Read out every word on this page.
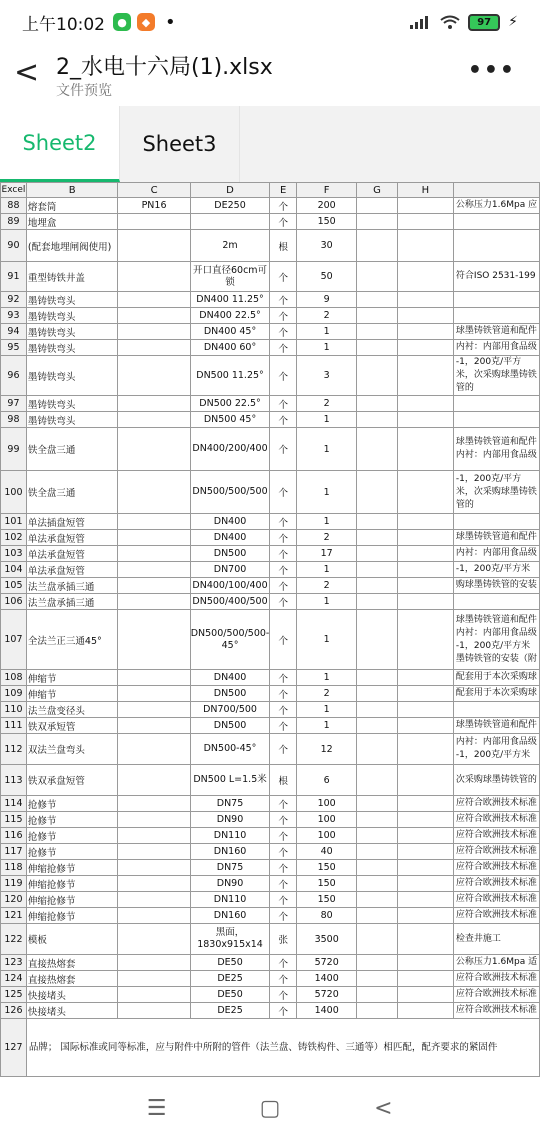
上午10:02	●	◆ •	97	⚡
< 2_水电十六局(1).xlsx
文件预览
•••
Sheet2	Sheet3
Excel	B	C	D	E	F	G	H	
88	熔套筒	PN16	DE250	个	200			公称压力1.6Mpa 应
89	地埋盒			个	150			
90	(配套地埋闸阀使用)		2m	根	30			
91	重型铸铁井盖		开口直径60cm可锁	个	50			符合ISO 2531-199
92	墨铸铁弯头		DN400 11.25°	个	9			
93	墨铸铁弯头		DN400 22.5°	个	2			
94	墨铸铁弯头		DN400 45°	个	1			球墨铸铁管道和配件
95	墨铸铁弯头		DN400 60°	个	1			内衬：内部用食品级
96	墨铸铁弯头		DN500 11.25°	个	3			-1，200克/平方米，次采购球墨铸铁管的
97	墨铸铁弯头		DN500 22.5°	个	2			
98	墨铸铁弯头		DN500 45°	个	1			
99	铁全盘三通		DN400/200/400	个	1			球墨铸铁管道和配件 内衬：内部用食品级
100	铁全盘三通		DN500/500/500	个	1			-1，200克/平方米，次采购球墨铸铁管的
101	单法插盘短管		DN400	个	1			
102	单法承盘短管		DN400	个	2			球墨铸铁管道和配件
103	单法承盘短管		DN500	个	17			内衬：内部用食品级
104	单法承盘短管		DN700	个	1			-1，200克/平方米
105	法兰盘承插三通		DN400/100/400	个	2			购球墨铸铁管的安装
106	法兰盘承插三通		DN500/400/500	个	1			
107	全法兰正三通45°		DN500/500/500-45°	个	1			球墨铸铁管道和配件 内衬：内部用食品级 -1，200克/平方米 墨铸铁管的安装（附
108	伸缩节		DN400	个	1			配套用于本次采购球
109	伸缩节		DN500	个	2			配套用于本次采购球
110	法兰盘变径头		DN700/500	个	1			
111	铁双承短管		DN500	个	1			球墨铸铁管道和配件
112	双法兰盘弯头		DN500-45°	个	12			内衬：内部用食品级 -1，200克/平方米
113	铁双承盘短管		DN500 L=1.5米	根	6			次采购球墨铸铁管的
114	抢修节		DN75	个	100			应符合欧洲技术标准
115	抢修节		DN90	个	100			应符合欧洲技术标准
116	抢修节		DN110	个	100			应符合欧洲技术标准
117	抢修节		DN160	个	40			应符合欧洲技术标准
118	伸缩抢修节		DN75	个	150			应符合欧洲技术标准
119	伸缩抢修节		DN90	个	150			应符合欧洲技术标准
120	伸缩抢修节		DN110	个	150			应符合欧洲技术标准
121	伸缩抢修节		DN160	个	80			应符合欧洲技术标准
122	模板		黑面，1830x915x14	张	3500			检查井施工
123	直接热熔套		DE50	个	5720			公称压力1.6Mpa 适
124	直接热熔套		DE25	个	1400			应符合欧洲技术标准
125	快接堵头		DE50	个	5720			应符合欧洲技术标准
126	快接堵头		DE25	个	1400			应符合欧洲技术标准
127	品牌； 国际标准或同等标准，应与附件中所附的管件（法兰盘、铸铁构件、三通等）相匹配，配齐要求的紧固件							
☰	▢	<
